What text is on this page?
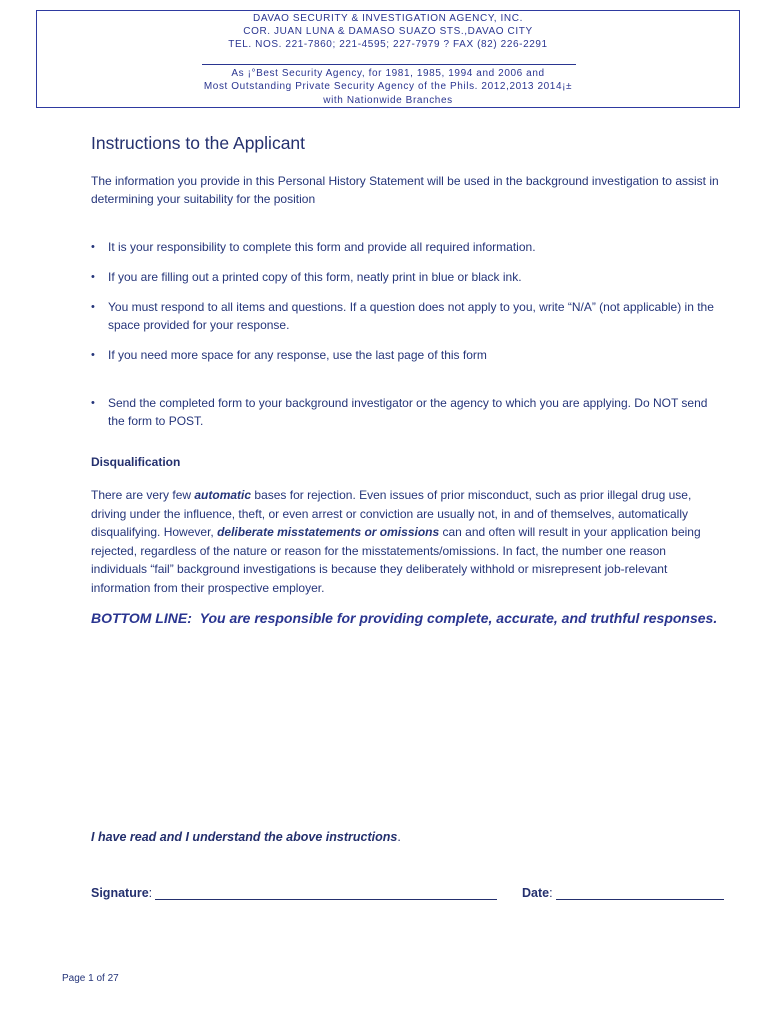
DAVAO SECURITY & INVESTIGATION AGENCY, INC.
COR. JUAN LUNA & DAMASO SUAZO STS.,DAVAO CITY
TEL. NOS. 221-7860; 221-4595; 227-7979 ? FAX (82) 226-2291
As ¡°Best Security Agency, for 1981, 1985, 1994 and 2006 and
Most Outstanding Private Security Agency of the Phils. 2012,2013 2014¡±
with Nationwide Branches
Instructions to the Applicant
The information you provide in this Personal History Statement will be used in the background investigation to assist in determining your suitability for the position
• It is your responsibility to complete this form and provide all required information.
• If you are filling out a printed copy of this form, neatly print in blue or black ink.
• You must respond to all items and questions. If a question does not apply to you, write “N/A” (not applicable) in the space provided for your response.
• If you need more space for any response, use the last page of this form
• Send the completed form to your background investigator or the agency to which you are applying. Do NOT send the form to POST.
Disqualification
There are very few automatic bases for rejection. Even issues of prior misconduct, such as prior illegal drug use, driving under the influence, theft, or even arrest or conviction are usually not, in and of themselves, automatically disqualifying. However, deliberate misstatements or omissions can and often will result in your application being rejected, regardless of the nature or reason for the misstatements/omissions. In fact, the number one reason individuals “fail” background investigations is because they deliberately withhold or misrepresent job-relevant information from their prospective employer.
BOTTOM LINE: You are responsible for providing complete, accurate, and truthful responses.
I have read and I understand the above instructions.
Signature:	Date:
Page 1 of 27
